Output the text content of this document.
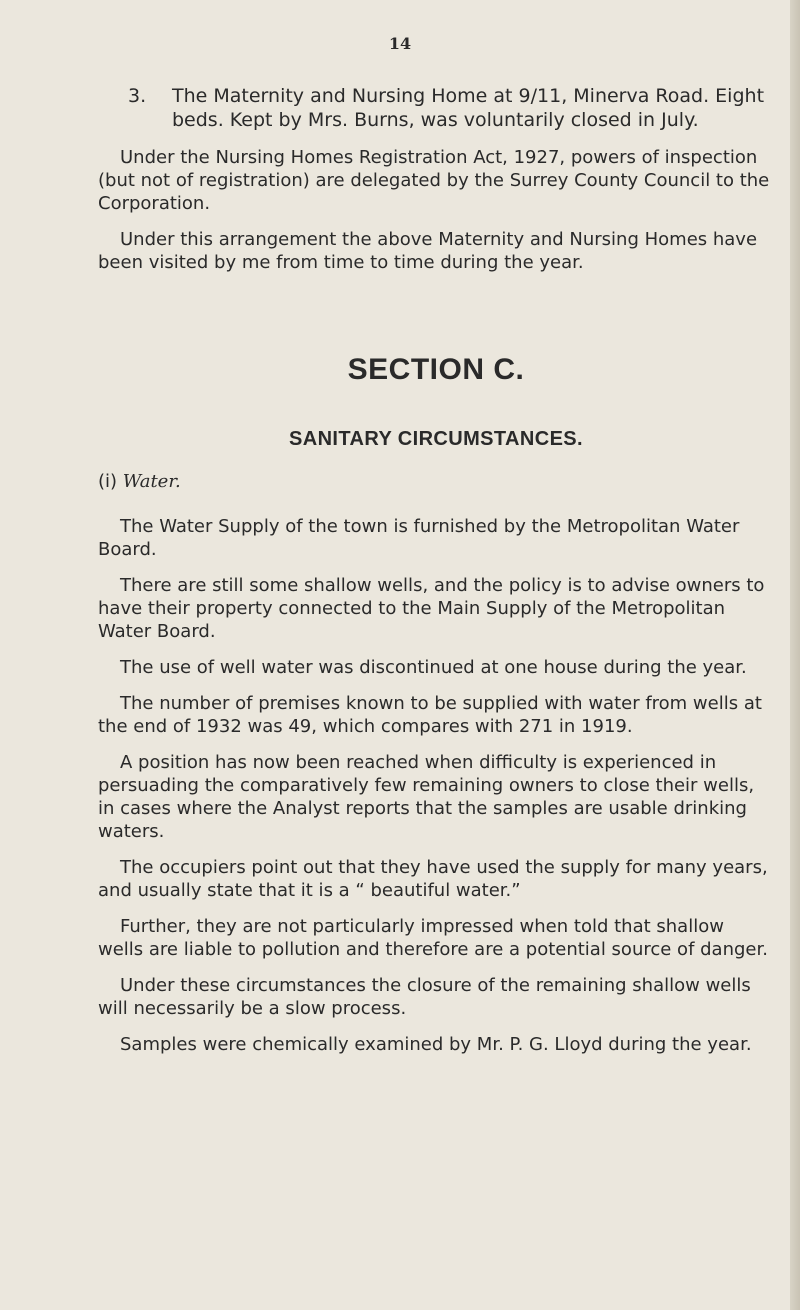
14
3.	The Maternity and Nursing Home at 9/11, Minerva Road. Eight beds. Kept by Mrs. Burns, was voluntarily closed in July.

Under the Nursing Homes Registration Act, 1927, powers of inspection (but not of registration) are delegated by the Surrey County Council to the Corporation.

Under this arrangement the above Maternity and Nursing Homes have been visited by me from time to time during the year.

SECTION C.
SANITARY CIRCUMSTANCES.
(i) Water.

The Water Supply of the town is furnished by the Metropolitan Water Board.

There are still some shallow wells, and the policy is to advise owners to have their property connected to the Main Supply of the Metropolitan Water Board.

The use of well water was discontinued at one house during the year.

The number of premises known to be supplied with water from wells at the end of 1932 was 49, which compares with 271 in 1919.

A position has now been reached when difficulty is experienced in persuading the comparatively few remaining owners to close their wells, in cases where the Analyst reports that the samples are usable drinking waters.

The occupiers point out that they have used the supply for many years, and usually state that it is a “ beautiful water.”

Further, they are not particularly impressed when told that shallow wells are liable to pollution and therefore are a potential source of danger.

Under these circumstances the closure of the remaining shallow wells will necessarily be a slow process.

Samples were chemically examined by Mr. P. G. Lloyd during the year.
